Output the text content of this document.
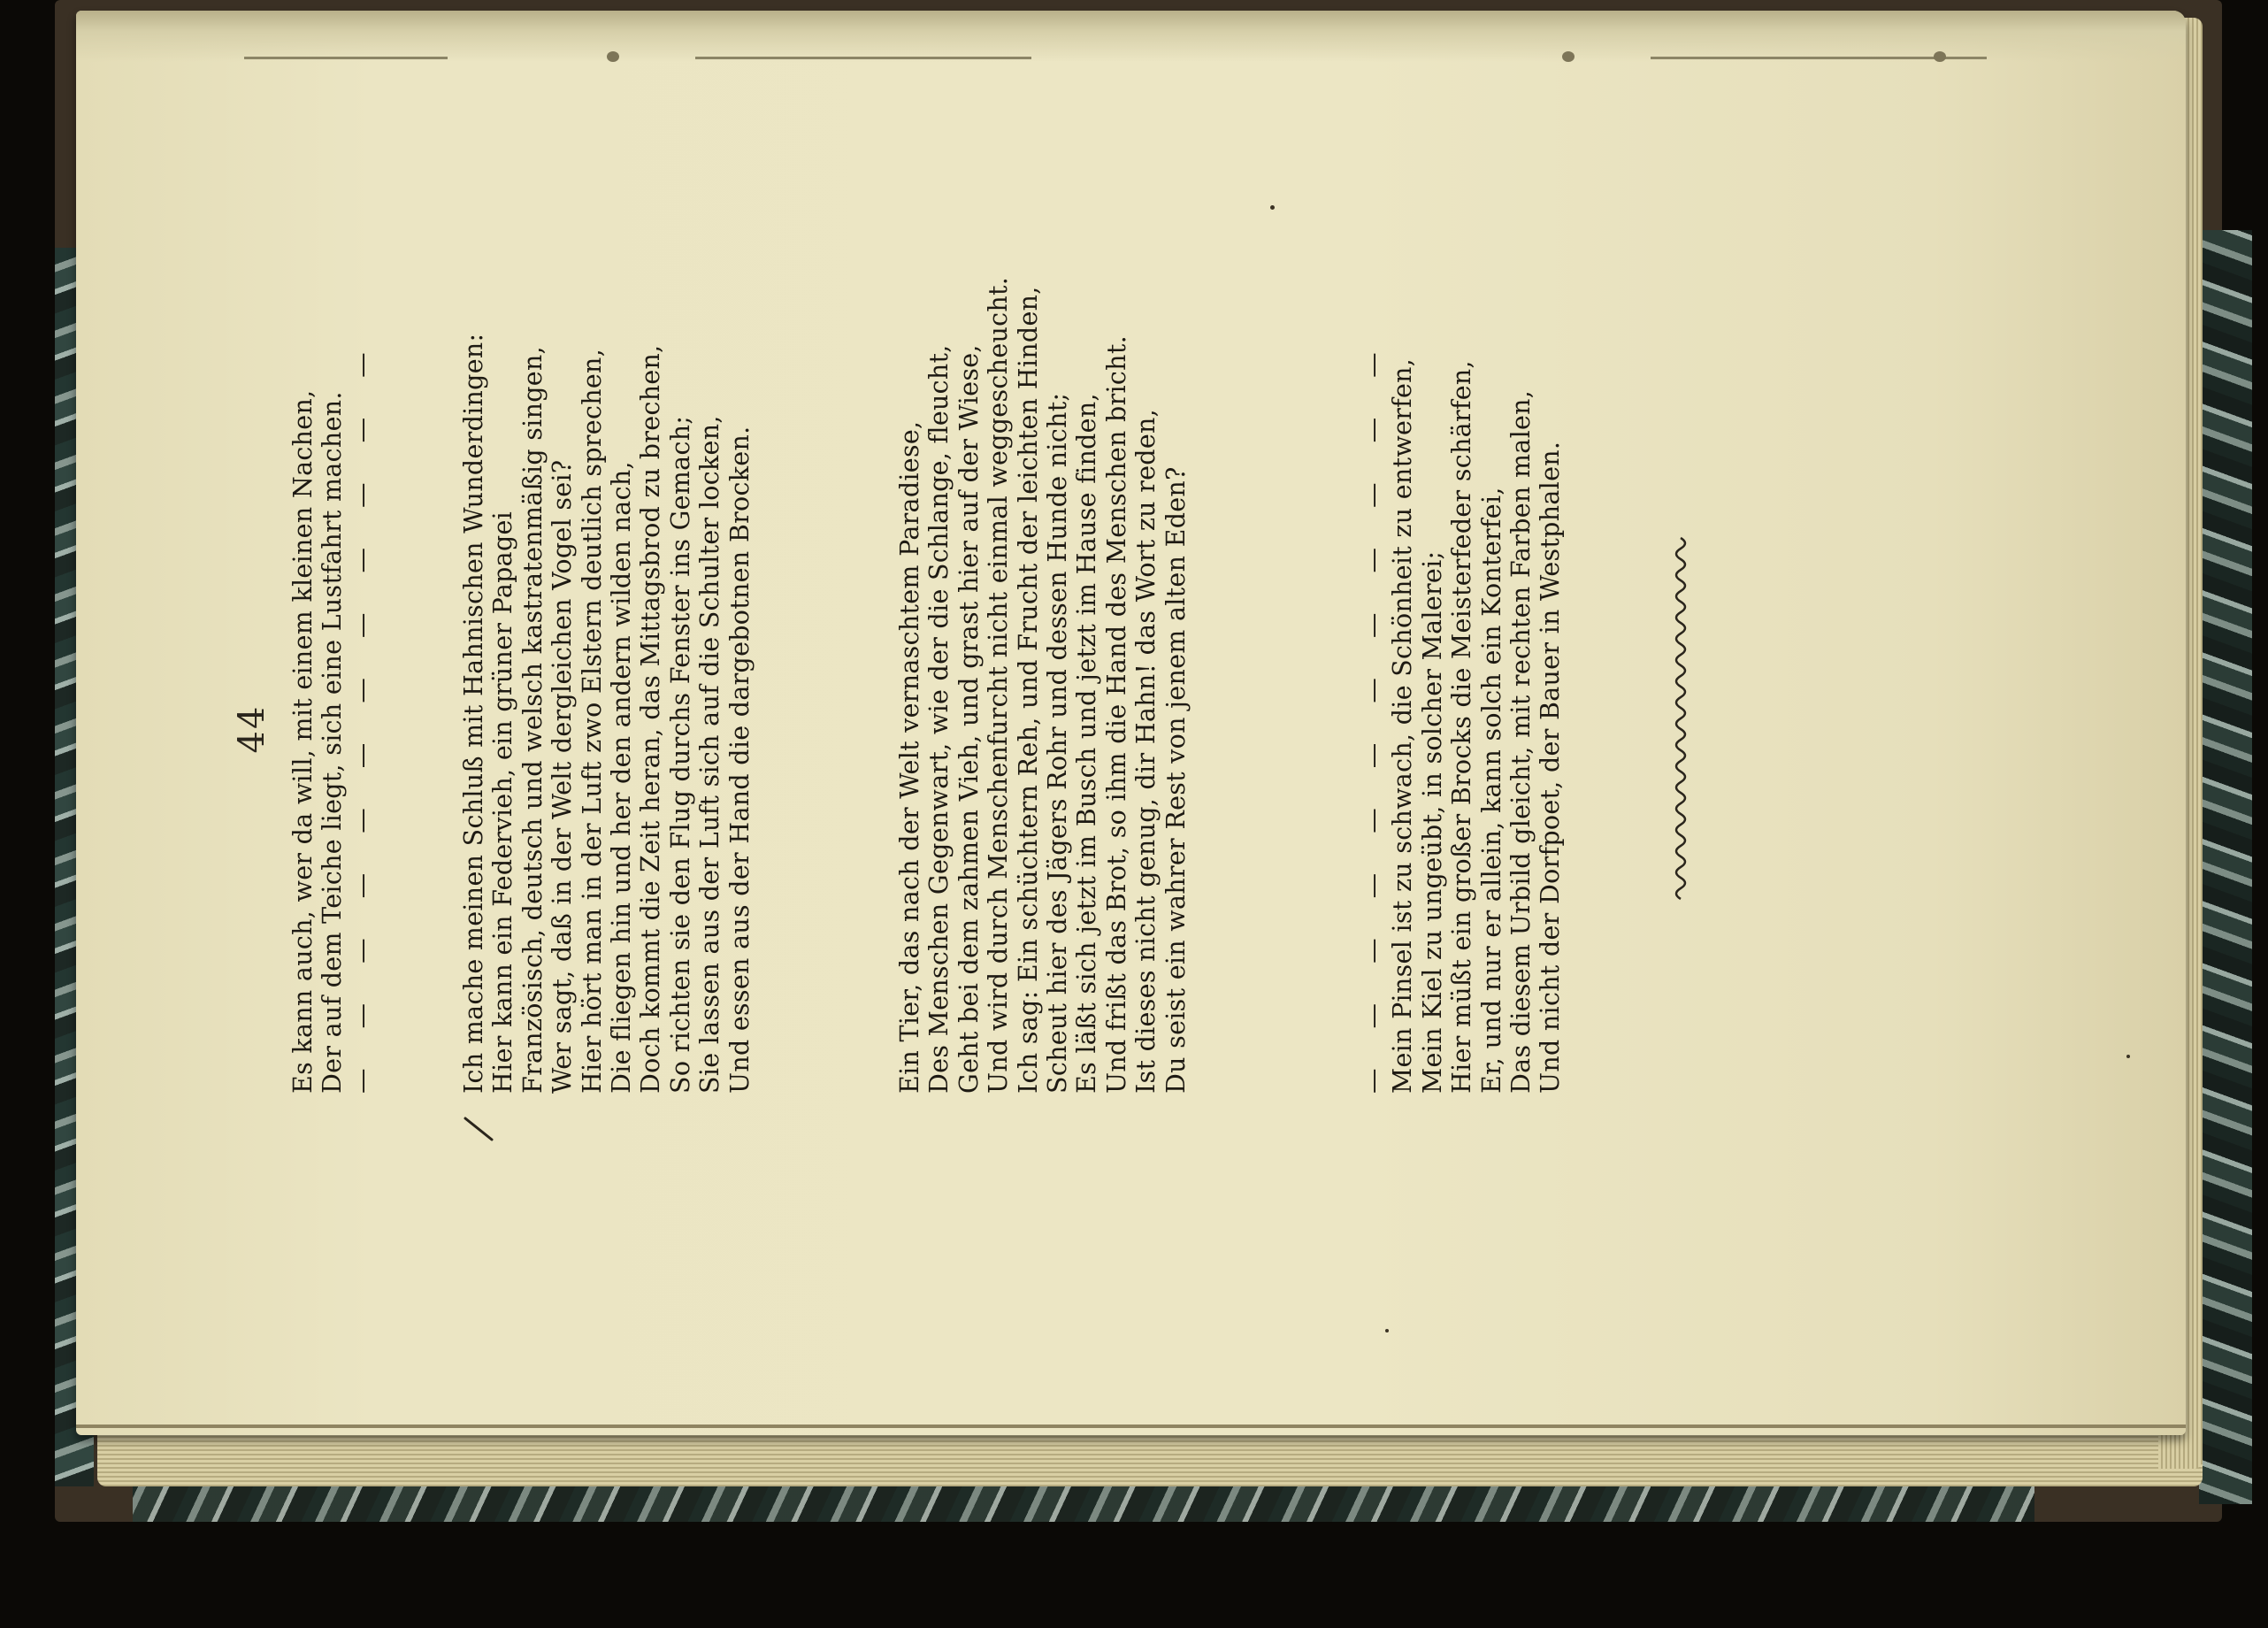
44 Es kann auch, wer da will, mit einem kleinen Nachen, Der auf dem Teiche liegt, sich eine Lustfahrt machen. — — — — — — — — — — — —	Ich mache meinen Schluß mit Hahnischen Wunderdingen: Hier kann ein Federvieh, ein grüner Papagei Französisch, deutsch und welsch kastratenmäßig singen, Wer sagt, daß in der Welt dergleichen Vogel sei? Hier hört man in der Luft zwo Elstern deutlich sprechen, Die fliegen hin und her den andern wilden nach, Doch kommt die Zeit heran, das Mittagsbrod zu brechen, So richten sie den Flug durchs Fenster ins Gemach; Sie lassen aus der Luft sich auf die Schulter locken, Und essen aus der Hand die dargebotnen Brocken.	Ein Tier, das nach der Welt vernaschtem Paradiese, Des Menschen Gegenwart, wie der die Schlange, fleucht, Geht bei dem zahmen Vieh, und grast hier auf der Wiese, Und wird durch Menschenfurcht nicht einmal weggescheucht. Ich sag: Ein schüchtern Reh, und Frucht der leichten Hinden, Scheut hier des Jägers Rohr und dessen Hunde nicht; Es läßt sich jetzt im Busch und jetzt im Hause finden, Und frißt das Brot, so ihm die Hand des Menschen bricht. Ist dieses nicht genug, dir Hahn! das Wort zu reden, Du seist ein wahrer Rest von jenem alten Eden?	— — — — — — — — — — — — Mein Pinsel ist zu schwach, die Schönheit zu entwerfen, Mein Kiel zu ungeübt, in solcher Malerei; Hier müßt ein großer Brocks die Meisterfeder schärfen, Er, und nur er allein, kann solch ein Konterfei, Das diesem Urbild gleicht, mit rechten Farben malen, Und nicht der Dorfpoet, der Bauer in Westphalen.
